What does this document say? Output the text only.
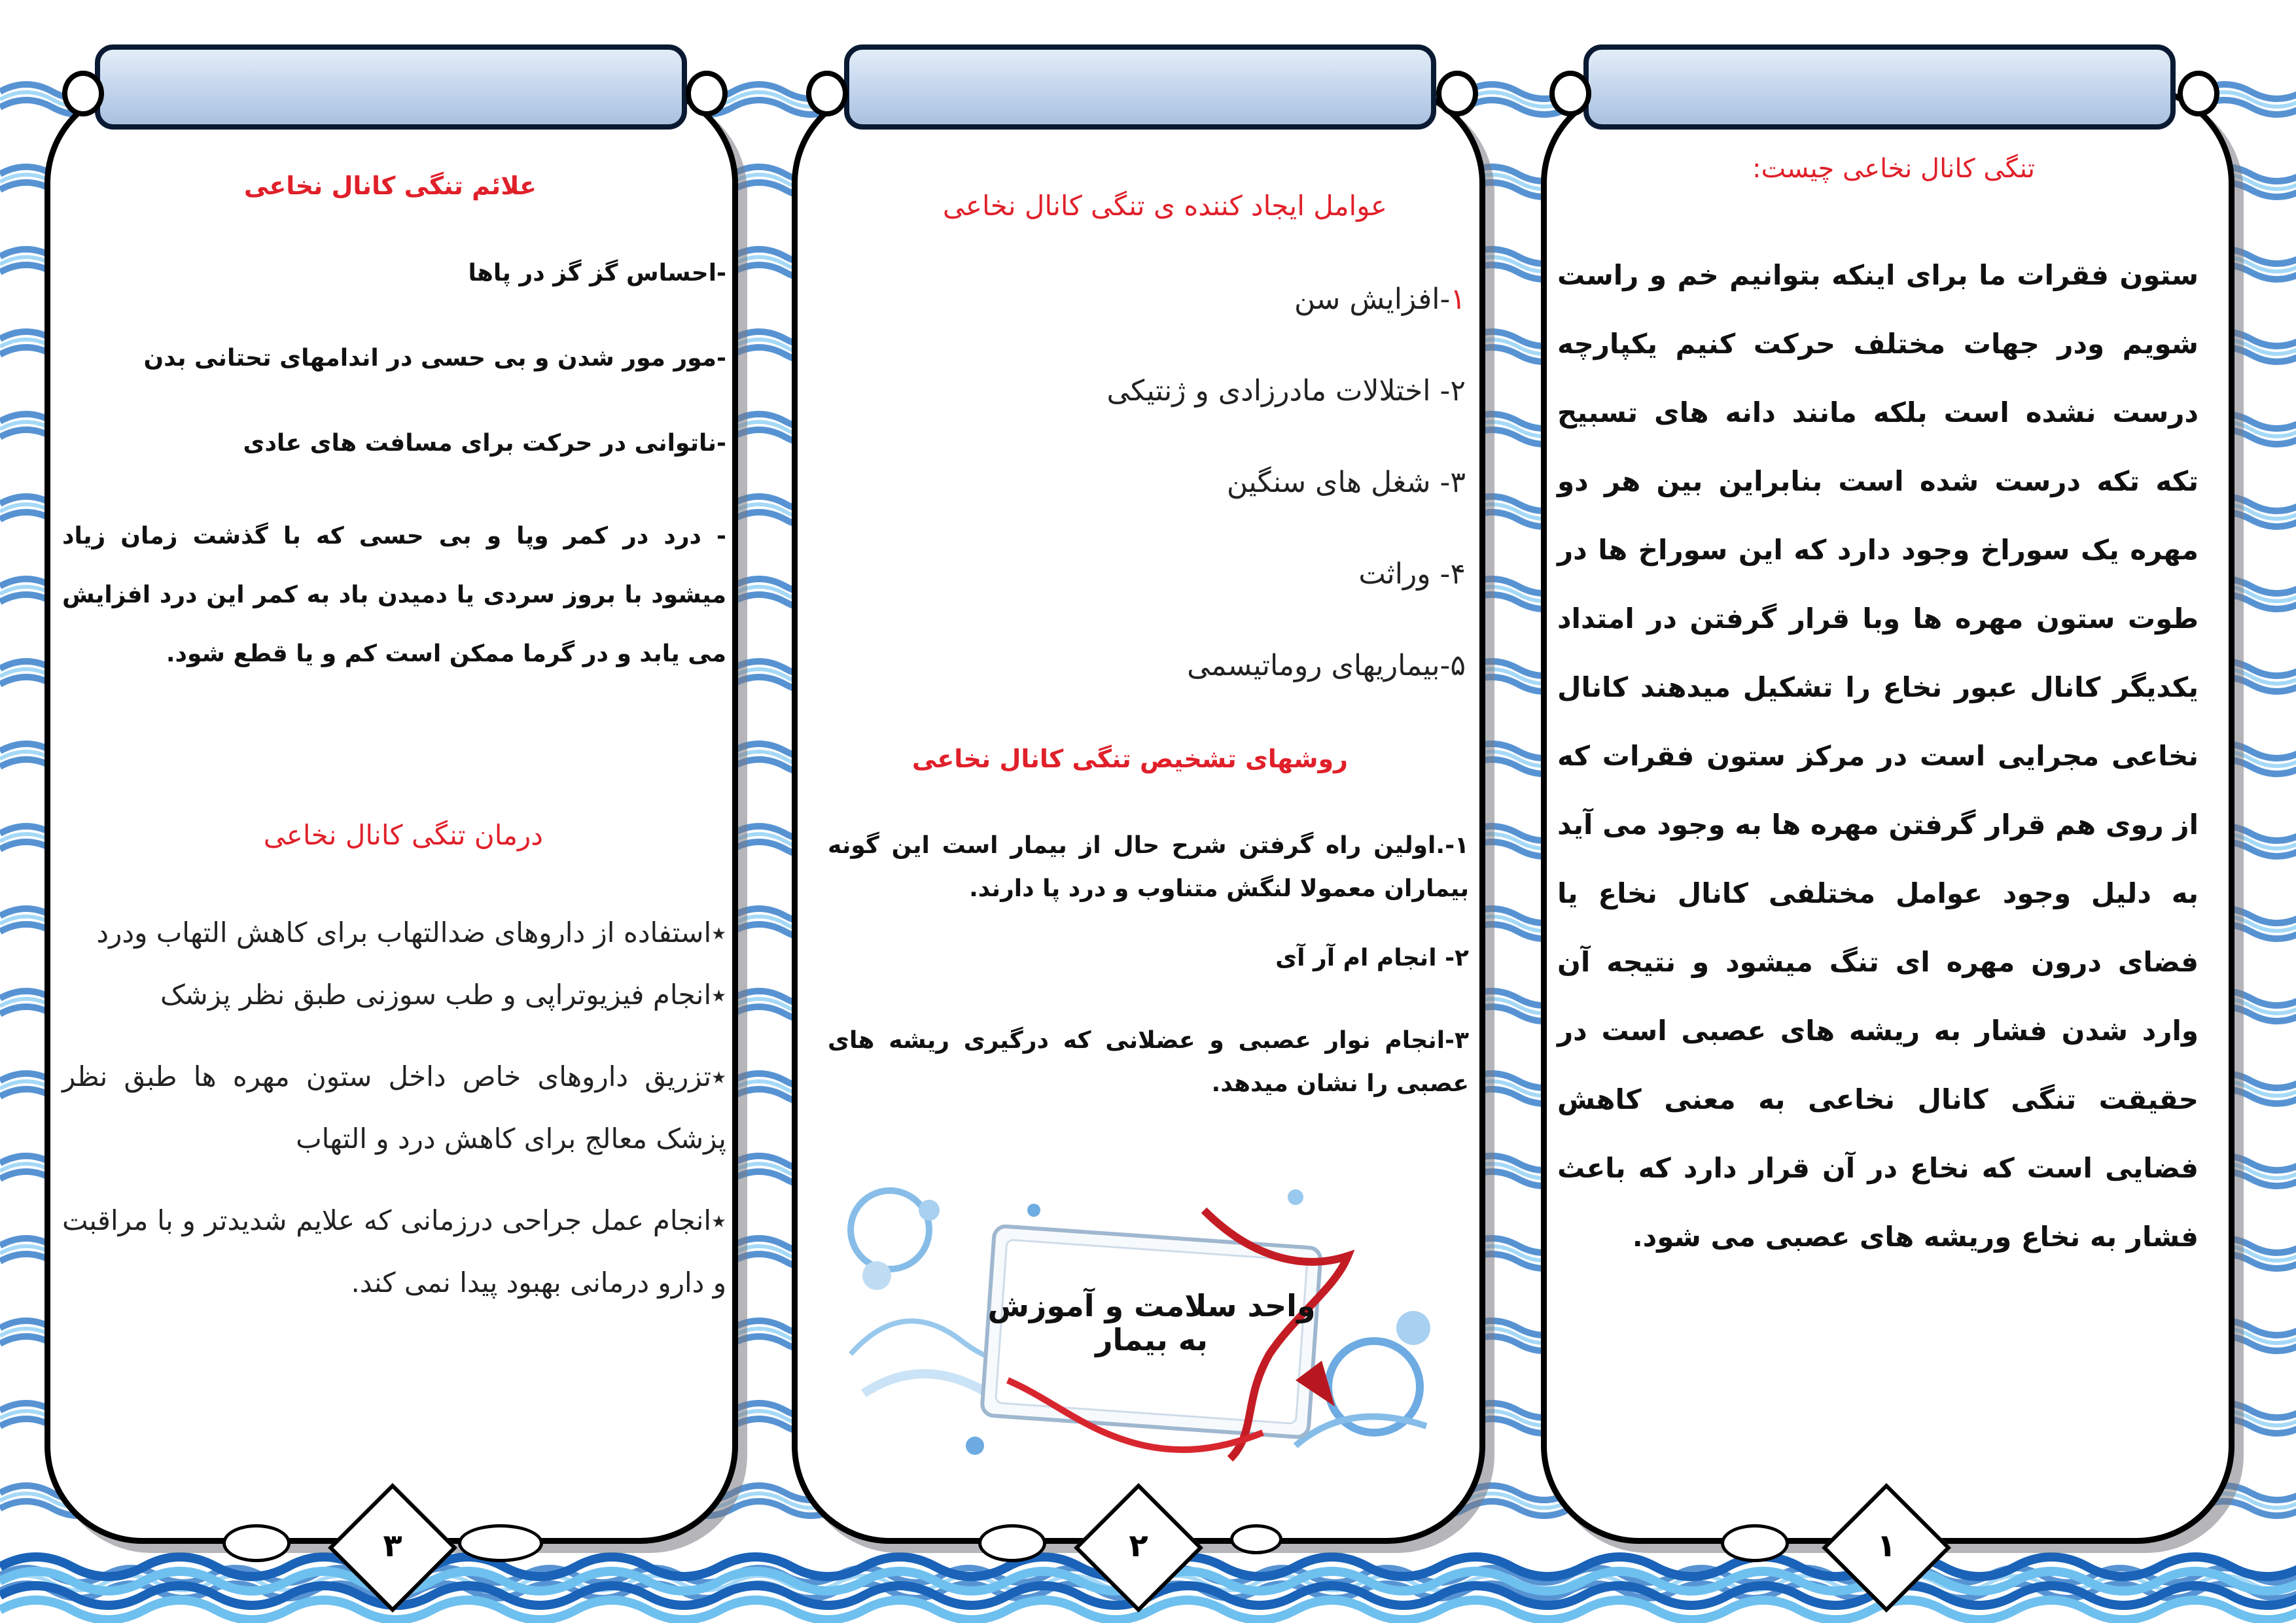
تنگی کانال نخاعی چیست:
ستون فقرات ما برای اینکه بتوانیم خم و راست شویم ودر جهات مختلف حرکت کنیم یکپارچه درست نشده است بلکه مانند دانه های تسبیح تکه تکه درست شده است بنابراین بین هر دو مهره یک سوراخ وجود دارد که این سوراخ ها در طوت ستون مهره ها وبا قرار گرفتن در امتداد یکدیگر کانال عبور نخاع را تشکیل میدهند کانال نخاعی مجرایی است در مرکز ستون فقرات که از روی هم قرار گرفتن مهره ها به وجود می آید به دلیل وجود عوامل مختلفی کانال نخاع یا فضای درون مهره ای تنگ میشود و نتیجه آن وارد شدن فشار به ریشه های عصبی است در حقیقت تنگی کانال نخاعی به معنی کاهش فضایی است که نخاع در آن قرار دارد که باعث فشار به نخاع وریشه های عصبی می شود.
۱
عوامل ایجاد کننده ی تنگی کانال نخاعی
۱-افزایش سن
۲- اختلالات مادرزادی و ژنتیکی
۳- شغل های سنگین
۴- وراثت
۵-بیماریهای روماتیسمی
روشهای تشخیص تنگی کانال نخاعی
۱-.اولین راه گرفتن شرح حال از بیمار است این گونه بیماران معمولا لنگش متناوب و درد پا دارند.
۲- انجام ام آر آی
۳-انجام نوار عصبی و عضلانی که درگیری ریشه های عصبی را نشان میدهد.
واحد سلامت و آموزش به بیمار
۲
علائم تنگی کانال نخاعی
-احساس گز گز در پاها
-مور مور شدن و بی حسی در اندامهای تحتانی بدن
-ناتوانی در حرکت برای مسافت های عادی
- درد در کمر وپا و بی حسی که با گذشت زمان زیاد میشود با بروز سردی یا دمیدن باد به کمر این درد افزایش می یابد و در گرما ممکن است کم و یا قطع شود.
درمان تنگی کانال نخاعی
٭استفاده از داروهای ضدالتهاب برای کاهش التهاب ودرد
٭انجام فیزیوتراپی و طب سوزنی طبق نظر پزشک
٭تزریق داروهای خاص داخل ستون مهره ها طبق نظر پزشک معالج برای کاهش درد و التهاب
٭انجام عمل جراحی درزمانی که علایم شدیدتر و با مراقبت و دارو درمانی بهبود پیدا نمی کند.
۳
